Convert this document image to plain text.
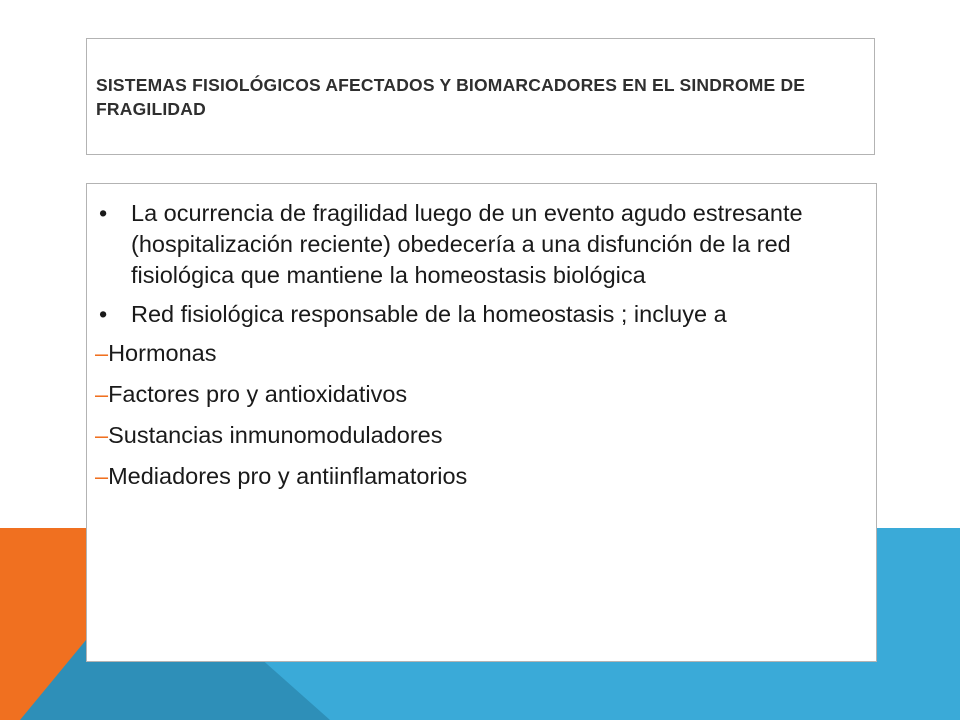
SISTEMAS FISIOLÓGICOS AFECTADOS Y BIOMARCADORES EN EL SINDROME DE FRAGILIDAD
• La ocurrencia de fragilidad luego de un evento agudo estresante (hospitalización reciente) obedecería a una disfunción de la red fisiológica que mantiene la homeostasis biológica
• Red fisiológica responsable de la homeostasis ; incluye a
–Hormonas
–Factores pro y antioxidativos
–Sustancias inmunomoduladores
–Mediadores pro y antiinflamatorios
